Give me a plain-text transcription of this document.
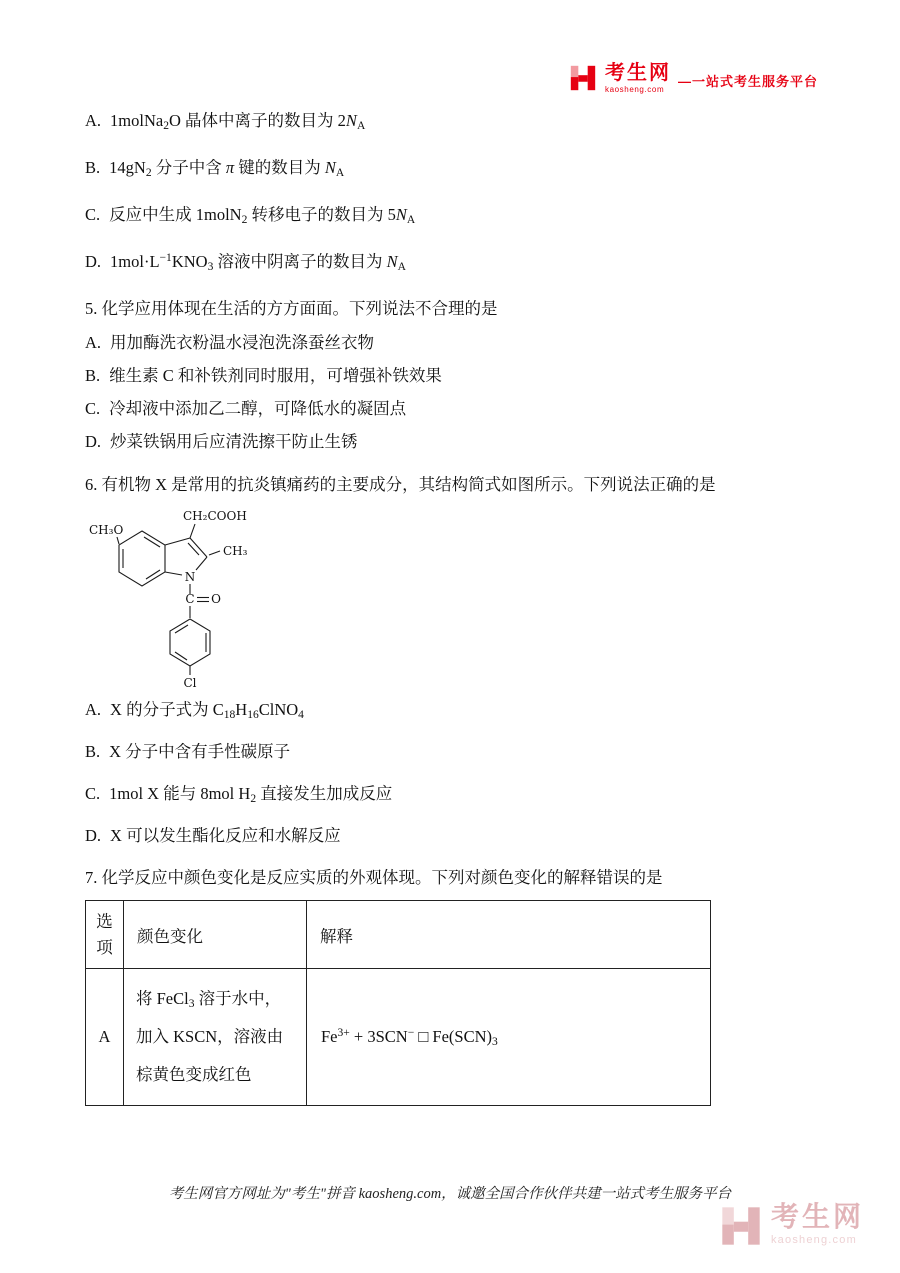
考生网
kaosheng.com
—一站式考生服务平台

A. 1molNa$_2$O 晶体中离子的数目为 $2N_A$

B. $14gN_2$ 分子中含 π 键的数目为 $N_A$

C. 反应中生成 1molN$_2$ 转移电子的数目为 $5N_A$

D. $1mol\cdot L^{-1}KNO_3$ 溶液中阴离子的数目为 $N_A$

5. 化学应用体现在生活的方方面面。下列说法不合理的是

A. 用加酶洗衣粉温水浸泡洗涤蚕丝衣物

B. 维生素 C 和补铁剂同时服用，可增强补铁效果

C. 冷却液中添加乙二醇，可降低水的凝固点

D. 炒菜铁锅用后应清洗擦干防止生锈

6. 有机物 X 是常用的抗炎镇痛药的主要成分，其结构简式如图所示。下列说法正确的是

CH₂COOH
CH₃O
CH₃
N
C O
Cl

A. X 的分子式为 $C_{18}H_{16}ClNO_4$

B. X 分子中含有手性碳原子

C. 1mol X 能与 8mol $H_2$ 直接发生加成反应

D. X 可以发生酯化反应和水解反应

7. 化学反应中颜色变化是反应实质的外观体现。下列对颜色变化的解释错误的是

选项	颜色变化	解释
A	将 FeCl$_3$ 溶于水中，加入 KSCN，溶液由棕黄色变成红色	$Fe^{3+} + 3SCN^-$ □ $Fe(SCN)_3$
考生网官方网址为"考生"拼音 kaosheng.com，诚邀全国合作伙伴共建一站式考生服务平台
考生网
kaosheng.com
